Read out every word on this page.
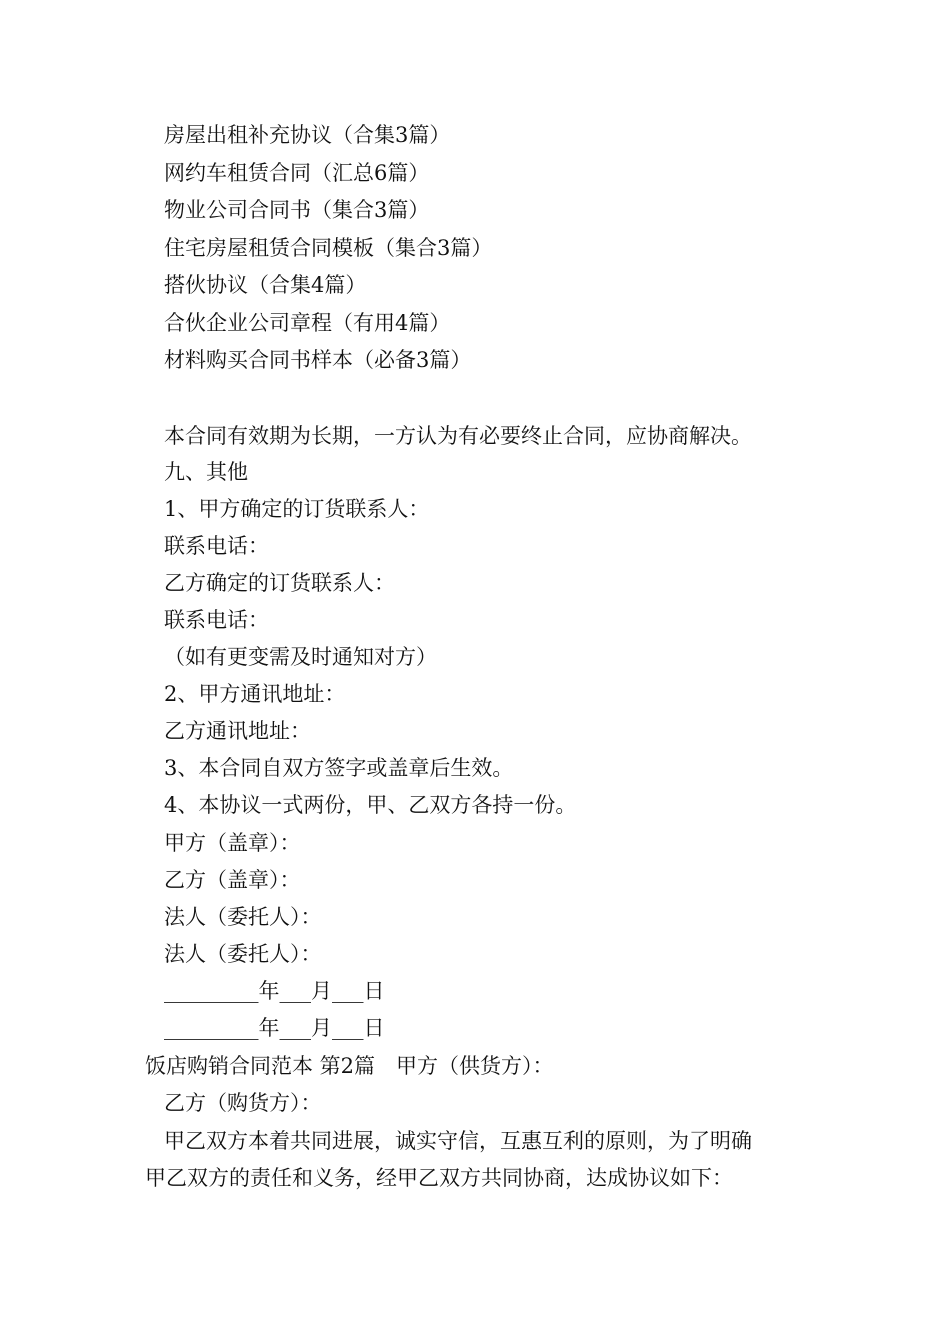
房屋出租补充协议（合集3篇）
网约车租赁合同（汇总6篇）
物业公司合同书（集合3篇）
住宅房屋租赁合同模板（集合3篇）
搭伙协议（合集4篇）
合伙企业公司章程（有用4篇）
材料购买合同书样本（必备3篇）
本合同有效期为长期，一方认为有必要终止合同，应协商解决。
九、其他
1、甲方确定的订货联系人：
联系电话：
乙方确定的订货联系人：
联系电话：
（如有更变需及时通知对方）
2、甲方通讯地址：
乙方通讯地址：
3、本合同自双方签字或盖章后生效。
4、本协议一式两份，甲、乙双方各持一份。
甲方（盖章）：
乙方（盖章）：
法人（委托人）：
法人（委托人）：
_________年___月___日
_________年___月___日
饭店购销合同范本 第2篇　甲方（供货方）：
乙方（购货方）：
甲乙双方本着共同进展，诚实守信，互惠互利的原则，为了明确
甲乙双方的责任和义务，经甲乙双方共同协商，达成协议如下：
